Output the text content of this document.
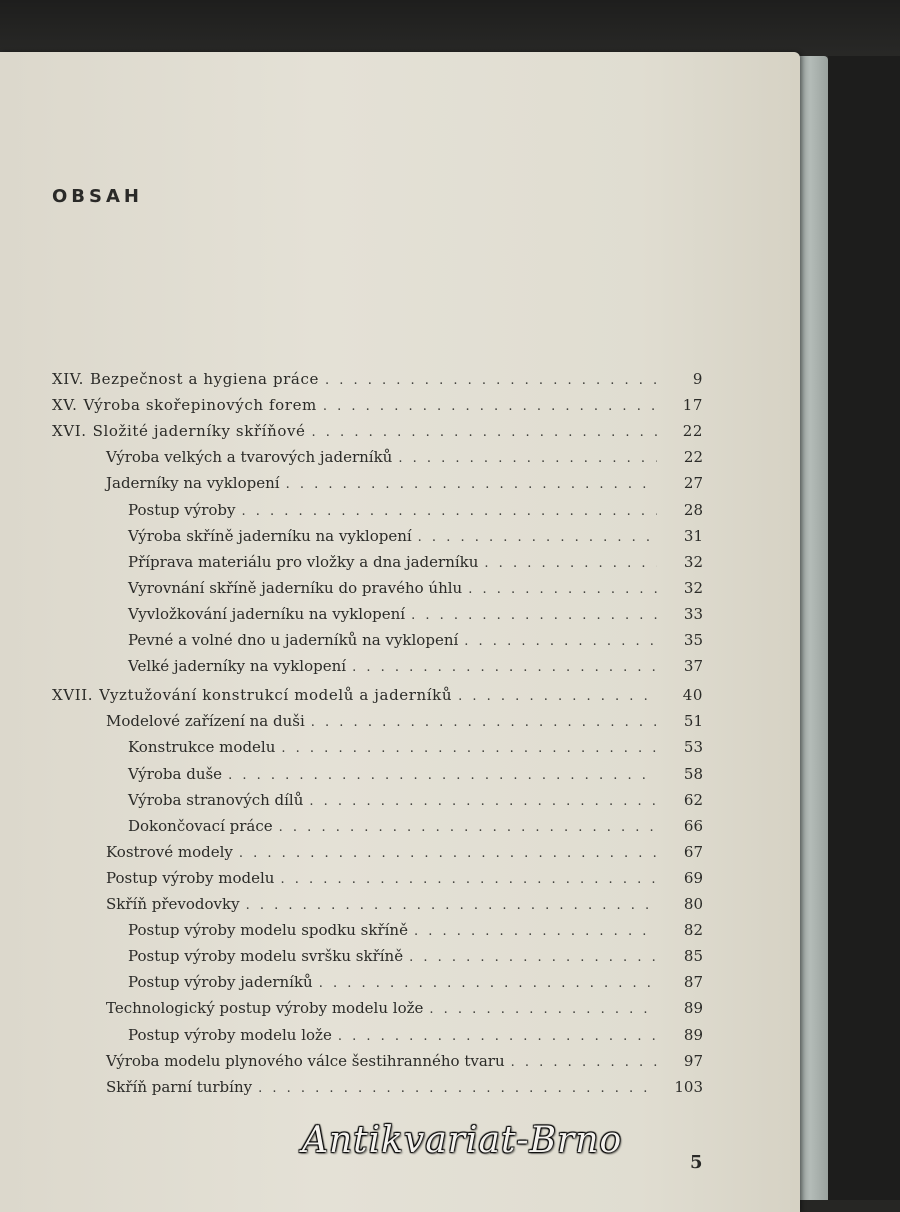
OBSAH
XIV. Bezpečnost a hygiena práce . . .	9
XV. Výroba skořepinových forem . . .	17
XVI. Složité jaderníky skříňové . . .	22
Výroba velkých a tvarových jaderníků . . .	22
Jaderníky na vyklopení . . .	27
Postup výroby . . .	28
Výroba skříně jaderníku na vyklopení . . .	31
Příprava materiálu pro vložky a dna jaderníku . . .	32
Vyrovnání skříně jaderníku do pravého úhlu . . .	32
Vyvložkování jaderníku na vyklopení . . .	33
Pevné a volné dno u jaderníků na vyklopení . . .	35
Velké jaderníky na vyklopení . . .	37
XVII. Vyztužování konstrukcí modelů a jaderníků . . .	40
Modelové zařízení na duši . . .	51
Konstrukce modelu . . .	53
Výroba duše . . .	58
Výroba stranových dílů . . .	62
Dokončovací práce . . .	66
Kostrové modely . . .	67
Postup výroby modelu . . .	69
Skříň převodovky . . .	80
Postup výroby modelu spodku skříně . . .	82
Postup výroby modelu svršku skříně . . .	85
Postup výroby jaderníků . . .	87
Technologický postup výroby modelu lože . . .	89
Postup výroby modelu lože . . .	89
Výroba modelu plynového válce šestihranného tvaru . . .	97
Skříň parní turbíny . . .	103
5
Antikvariat-Brno
